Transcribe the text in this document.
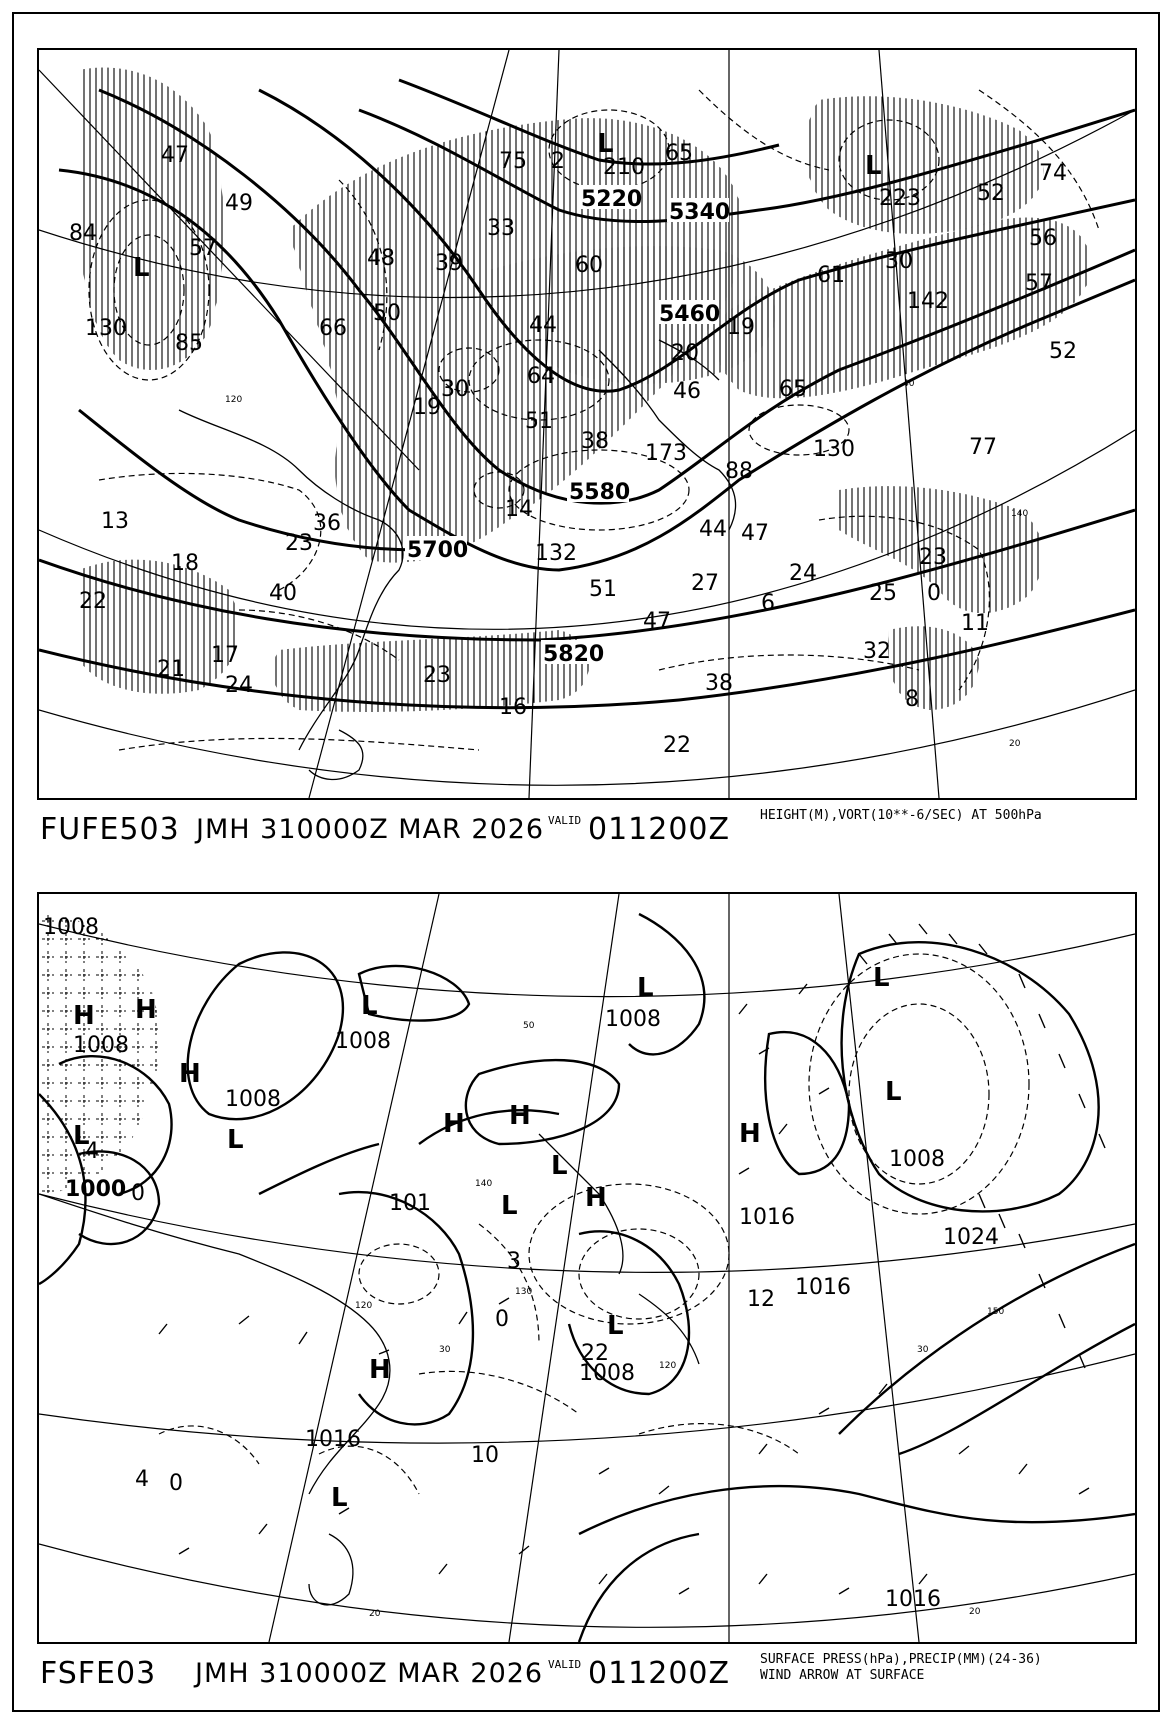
5220
5340
5460
5580
5700
5820
47
49
84
57
130
85
66
48 39
50
33
75 2 210
65
61
223	52
74
56
30
57
142
52
60
44	19
20
46	65
64
30
19
51
38 173
88
130	77
14
132
44 47
36
23
13
18
22	40
21
17
24	23
16
38
22
51
47
27	24
6	25
23
0
11
32
8
L
L
L
140
20
120
40
FUFE503 JMH 310000Z MAR 2026 VALID 011200Z HEIGHT(M),VORT(10**-6/SEC) AT 500hPa
1008
1008
1008
1008
1008
1000
1016
1016
1024
1016
1016
1008
1008
101
4
0
22
12
3
0
10
4 0
H H
H
H H
H
H
H
L	L
L
L	L
L
L
L
L
L
130
120
120
30
50
140
150
30
20
20
FSFE03 JMH 310000Z MAR 2026 VALID 011200Z SURFACE PRESS(hPa),PRECIP(MM)(24-36)
WIND ARROW AT SURFACE
